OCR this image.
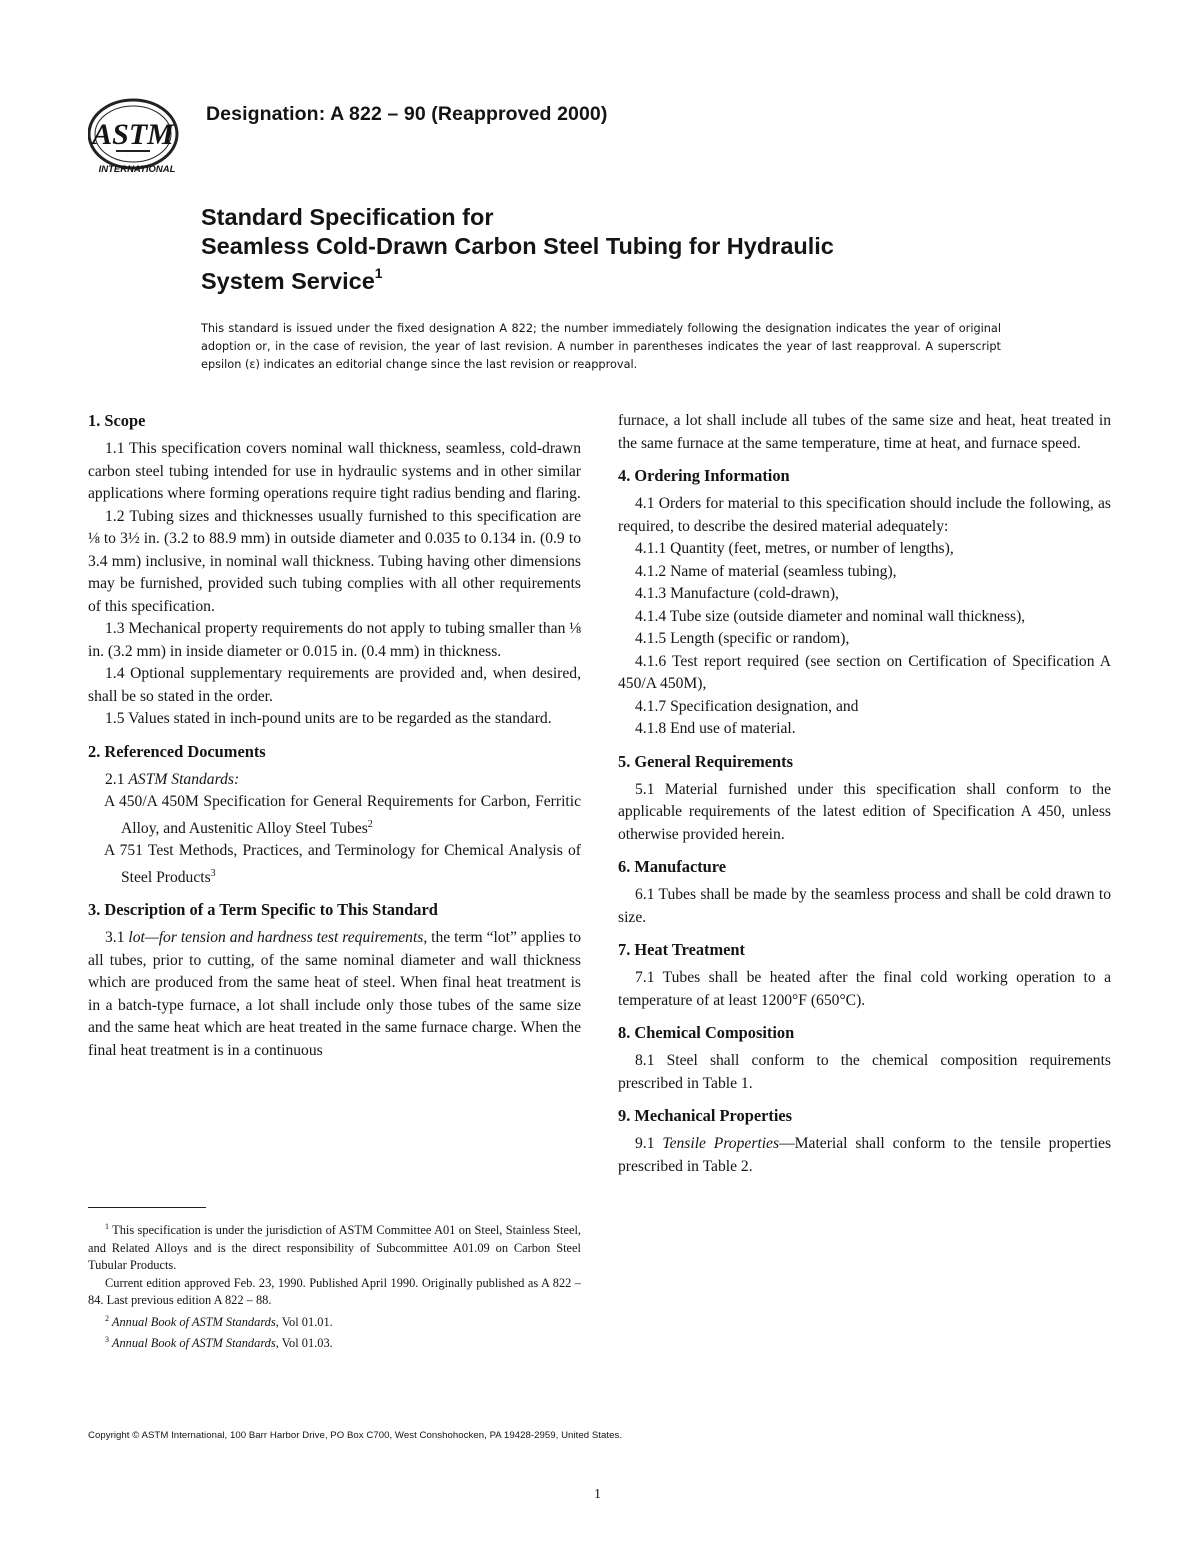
ASTM
INTERNATIONAL
Designation: A 822 – 90 (Reapproved 2000)
Standard Specification for
Seamless Cold-Drawn Carbon Steel Tubing for Hydraulic
System Service$^1$

This standard is issued under the fixed designation A 822; the number immediately following the designation indicates the year of original adoption or, in the case of revision, the year of last revision. A number in parentheses indicates the year of last reapproval. A superscript epsilon (ε) indicates an editorial change since the last revision or reapproval.

1. Scope

1.1 This specification covers nominal wall thickness, seamless, cold-drawn carbon steel tubing intended for use in hydraulic systems and in other similar applications where forming operations require tight radius bending and flaring.

1.2 Tubing sizes and thicknesses usually furnished to this specification are ⅛ to 3½ in. (3.2 to 88.9 mm) in outside diameter and 0.035 to 0.134 in. (0.9 to 3.4 mm) inclusive, in nominal wall thickness. Tubing having other dimensions may be furnished, provided such tubing complies with all other requirements of this specification.

1.3 Mechanical property requirements do not apply to tubing smaller than ⅛ in. (3.2 mm) in inside diameter or 0.015 in. (0.4 mm) in thickness.

1.4 Optional supplementary requirements are provided and, when desired, shall be so stated in the order.

1.5 Values stated in inch-pound units are to be regarded as the standard.

2. Referenced Documents

2.1 ASTM Standards:

A 450/A 450M Specification for General Requirements for Carbon, Ferritic Alloy, and Austenitic Alloy Steel Tubes$^2$

A 751 Test Methods, Practices, and Terminology for Chemical Analysis of Steel Products$^3$

3. Description of a Term Specific to This Standard

3.1 lot—for tension and hardness test requirements, the term “lot” applies to all tubes, prior to cutting, of the same nominal diameter and wall thickness which are produced from the same heat of steel. When final heat treatment is in a batch-type furnace, a lot shall include only those tubes of the same size and the same heat which are heat treated in the same furnace charge. When the final heat treatment is in a continuous

$^1$ This specification is under the jurisdiction of ASTM Committee A01 on Steel, Stainless Steel, and Related Alloys and is the direct responsibility of Subcommittee A01.09 on Carbon Steel Tubular Products.

Current edition approved Feb. 23, 1990. Published April 1990. Originally published as A 822 – 84. Last previous edition A 822 – 88.

$^2$ Annual Book of ASTM Standards, Vol 01.01.

$^3$ Annual Book of ASTM Standards, Vol 01.03.

furnace, a lot shall include all tubes of the same size and heat, heat treated in the same furnace at the same temperature, time at heat, and furnace speed.

4. Ordering Information

4.1 Orders for material to this specification should include the following, as required, to describe the desired material adequately:

4.1.1 Quantity (feet, metres, or number of lengths),

4.1.2 Name of material (seamless tubing),

4.1.3 Manufacture (cold-drawn),

4.1.4 Tube size (outside diameter and nominal wall thickness),

4.1.5 Length (specific or random),

4.1.6 Test report required (see section on Certification of Specification A 450/A 450M),

4.1.7 Specification designation, and

4.1.8 End use of material.

5. General Requirements

5.1 Material furnished under this specification shall conform to the applicable requirements of the latest edition of Specification A 450, unless otherwise provided herein.

6. Manufacture

6.1 Tubes shall be made by the seamless process and shall be cold drawn to size.

7. Heat Treatment

7.1 Tubes shall be heated after the final cold working operation to a temperature of at least 1200°F (650°C).

8. Chemical Composition

8.1 Steel shall conform to the chemical composition requirements prescribed in Table 1.

9. Mechanical Properties

9.1 Tensile Properties—Material shall conform to the tensile properties prescribed in Table 2.

Copyright © ASTM International, 100 Barr Harbor Drive, PO Box C700, West Conshohocken, PA 19428-2959, United States.
1
